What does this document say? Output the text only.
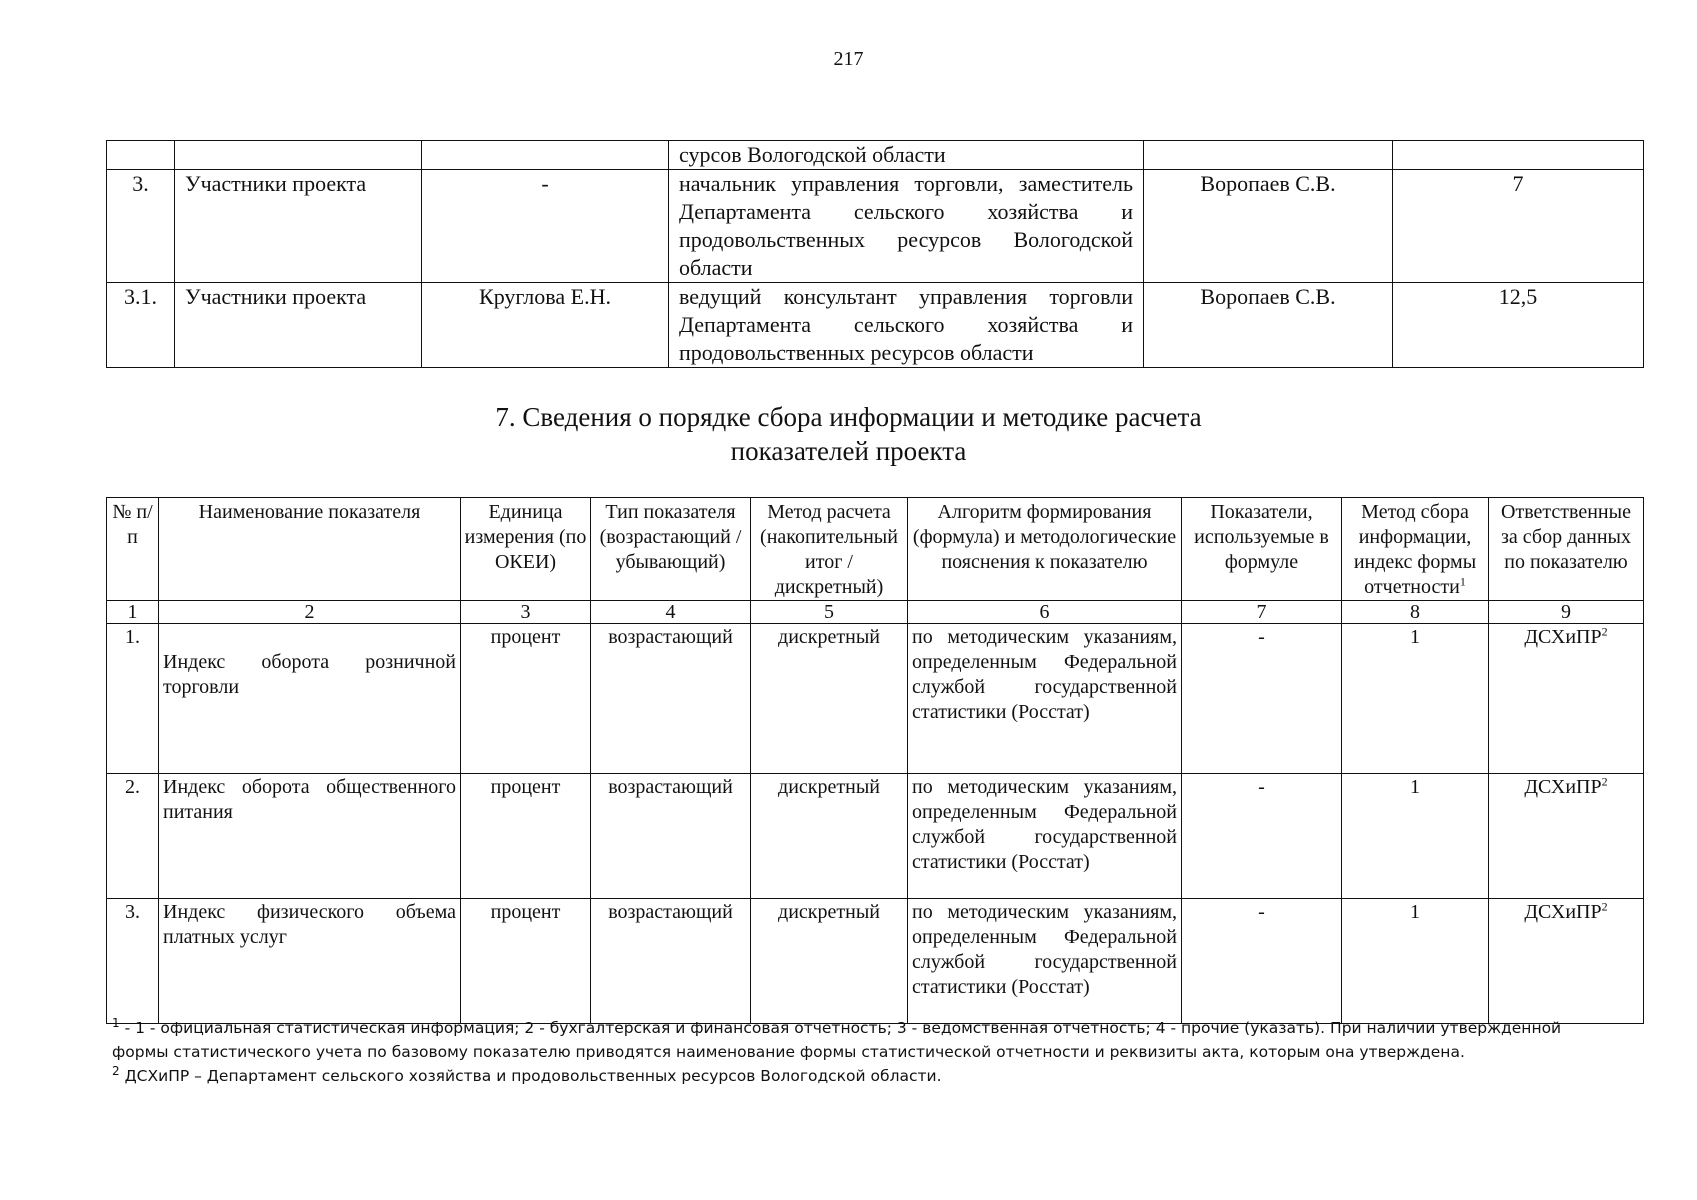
217
			сурсов Вологодской области		
3.	Участники проекта	-	начальник управления торговли, заместитель Департамента сельского хозяйства и продовольственных ресурсов Вологодской области	Воропаев С.В.	7
3.1.	Участники проекта	Круглова Е.Н.	ведущий консультант управления торговли Департамента сельского хозяйства и продовольственных ресурсов области	Воропаев С.В.	12,5
7. Сведения о порядке сбора информации и методике расчета
показателей проекта
№ п/п	Наименование показателя	Единица измерения (по ОКЕИ)	Тип показателя (возрастающий / убывающий)	Метод расчета (накопительный итог / дискретный)	Алгоритм формирования (формула) и методологические пояснения к показателю	Показатели, используемые в формуле	Метод сбора информации, индекс формы отчетности$^1$	Ответственные за сбор данных по показателю
1	2	3	4	5	6	7	8	9
1.	Индекс оборота розничной торговли	процент	возрастающий	дискретный	по методическим указаниям, определенным Федеральной службой государственной статистики (Росстат)	-	1	ДСХиПР$^2$
2.	Индекс оборота общественного питания	процент	возрастающий	дискретный	по методическим указаниям, определенным Федеральной службой государственной статистики (Росстат)	-	1	ДСХиПР$^2$
3.	Индекс физического объема платных услуг	процент	возрастающий	дискретный	по методическим указаниям, определенным Федеральной службой государственной статистики (Росстат)	-	1	ДСХиПР$^2$

$^1$ - 1 - официальная статистическая информация; 2 - бухгалтерская и финансовая отчетность; 3 - ведомственная отчетность; 4 - прочие (указать). При наличии утвержденной формы статистического учета по базовому показателю приводятся наименование формы статистической отчетности и реквизиты акта, которым она утверждена.

$^2$ ДСХиПР – Департамент сельского хозяйства и продовольственных ресурсов Вологодской области.
